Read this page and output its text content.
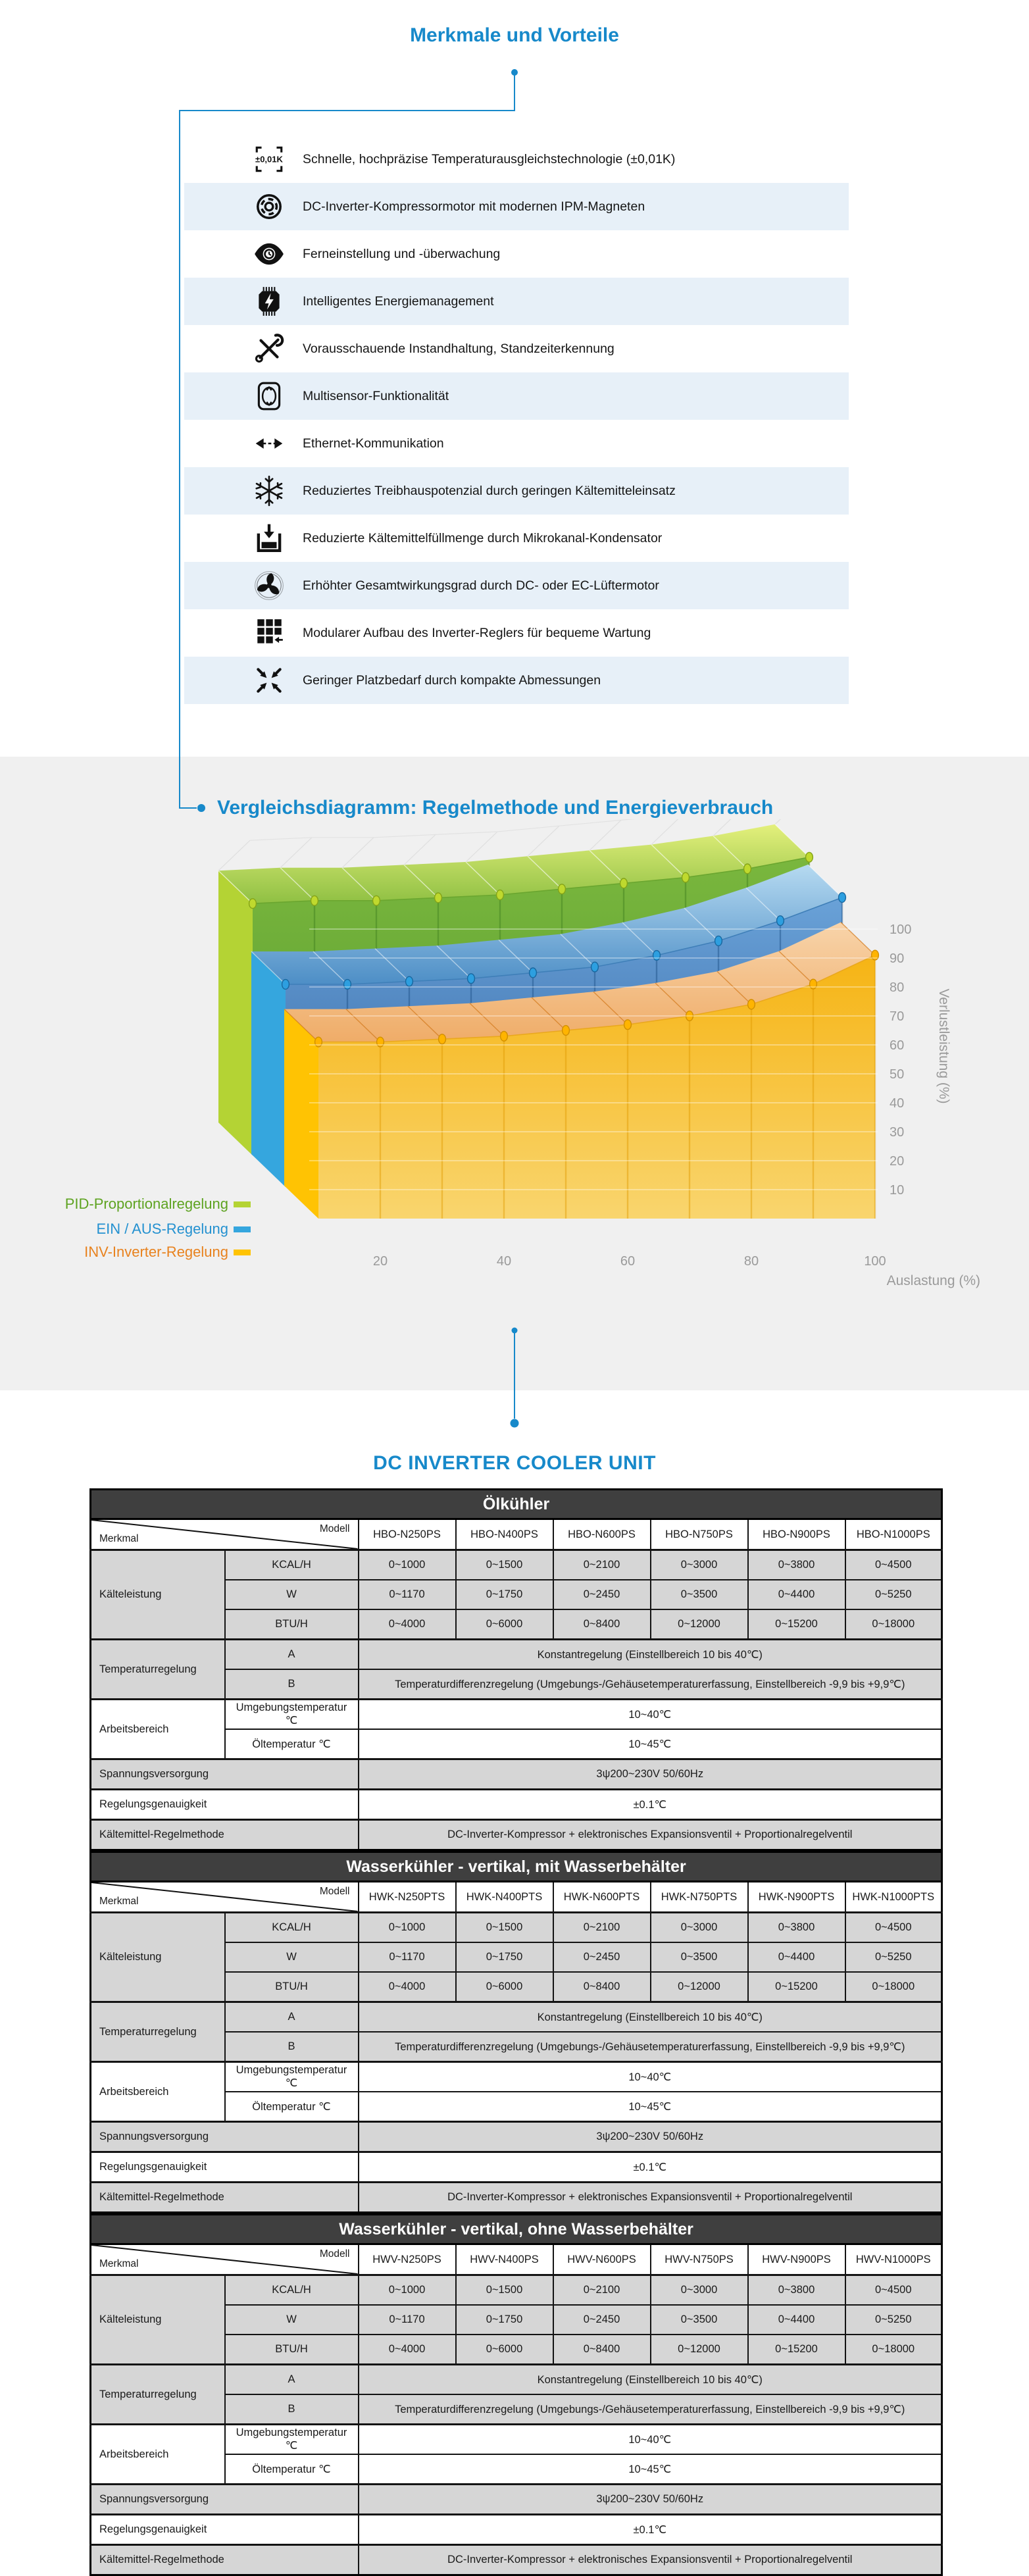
Merkmale und Vorteile
±0,01K Schnelle, hochpräzise Temperaturausgleichstechnologie (±0,01K)
DC-Inverter-Kompressormotor mit modernen IPM-Magneten
Ferneinstellung und -überwachung
Intelligentes Energiemanagement
Vorausschauende Instandhaltung, Standzeiterkennung
Multisensor-Funktionalität
Ethernet-Kommunikation
Reduziertes Treibhauspotenzial durch geringen Kältemitteleinsatz
Reduzierte Kältemittelfüllmenge durch Mikrokanal-Kondensator
Erhöhter Gesamtwirkungsgrad durch DC- oder EC-Lüftermotor
Modularer Aufbau des Inverter-Reglers für bequeme Wartung
Geringer Platzbedarf durch kompakte Abmessungen
Vergleichsdiagramm: Regelmethode und Energieverbrauch
10
20
30
40
50
60
70
80
90
100
Verlustleistung (%)
20	40	60	80	100
Auslastung (%)
PID-Proportionalregelung
EIN / AUS-Regelung
INV-Inverter-Regelung
DC INVERTER COOLER UNIT
Ölkühler							

Modell
Merkmal		HBO-N250PS	HBO-N400PS	HBO-N600PS	HBO-N750PS	HBO-N900PS	HBO-N1000PS
Kälteleistung	KCAL/H	0~1000	0~1500	0~2100	0~3000	0~3800	0~4500
	W	0~1170	0~1750	0~2450	0~3500	0~4400	0~5250
	BTU/H	0~4000	0~6000	0~8400	0~12000	0~15200	0~18000
Temperaturregelung	A	Konstantregelung (Einstellbereich 10 bis 40℃)					
	B	Temperaturdifferenzregelung (Umgebungs-/Gehäusetemperaturerfassung, Einstellbereich -9,9 bis +9,9℃)					
Arbeitsbereich	Umgebungstemperatur ℃	10~40℃					
	Öltemperatur ℃	10~45℃					
Spannungsversorgung		3ψ200~230V 50/60Hz					
Regelungsgenauigkeit		±0.1℃					
Kältemittel-Regelmethode		DC-Inverter-Kompressor + elektronisches Expansionsventil + Proportionalregelventil					
Wasserkühler - vertikal, mit Wasserbehälter							

Modell
Merkmal		HWK-N250PTS	HWK-N400PTS	HWK-N600PTS	HWK-N750PTS	HWK-N900PTS	HWK-N1000PTS
Kälteleistung	KCAL/H	0~1000	0~1500	0~2100	0~3000	0~3800	0~4500
	W	0~1170	0~1750	0~2450	0~3500	0~4400	0~5250
	BTU/H	0~4000	0~6000	0~8400	0~12000	0~15200	0~18000
Temperaturregelung	A	Konstantregelung (Einstellbereich 10 bis 40℃)					
	B	Temperaturdifferenzregelung (Umgebungs-/Gehäusetemperaturerfassung, Einstellbereich -9,9 bis +9,9℃)					
Arbeitsbereich	Umgebungstemperatur ℃	10~40℃					
	Öltemperatur ℃	10~45℃					
Spannungsversorgung		3ψ200~230V 50/60Hz					
Regelungsgenauigkeit		±0.1℃					
Kältemittel-Regelmethode		DC-Inverter-Kompressor + elektronisches Expansionsventil + Proportionalregelventil					
Wasserkühler - vertikal, ohne Wasserbehälter							

Modell
Merkmal		HWV-N250PS	HWV-N400PS	HWV-N600PS	HWV-N750PS	HWV-N900PS	HWV-N1000PS
Kälteleistung	KCAL/H	0~1000	0~1500	0~2100	0~3000	0~3800	0~4500
	W	0~1170	0~1750	0~2450	0~3500	0~4400	0~5250
	BTU/H	0~4000	0~6000	0~8400	0~12000	0~15200	0~18000
Temperaturregelung	A	Konstantregelung (Einstellbereich 10 bis 40℃)					
	B	Temperaturdifferenzregelung (Umgebungs-/Gehäusetemperaturerfassung, Einstellbereich -9,9 bis +9,9℃)					
Arbeitsbereich	Umgebungstemperatur ℃	10~40℃					
	Öltemperatur ℃	10~45℃					
Spannungsversorgung		3ψ200~230V 50/60Hz					
Regelungsgenauigkeit		±0.1℃					
Kältemittel-Regelmethode		DC-Inverter-Kompressor + elektronisches Expansionsventil + Proportionalregelventil					
